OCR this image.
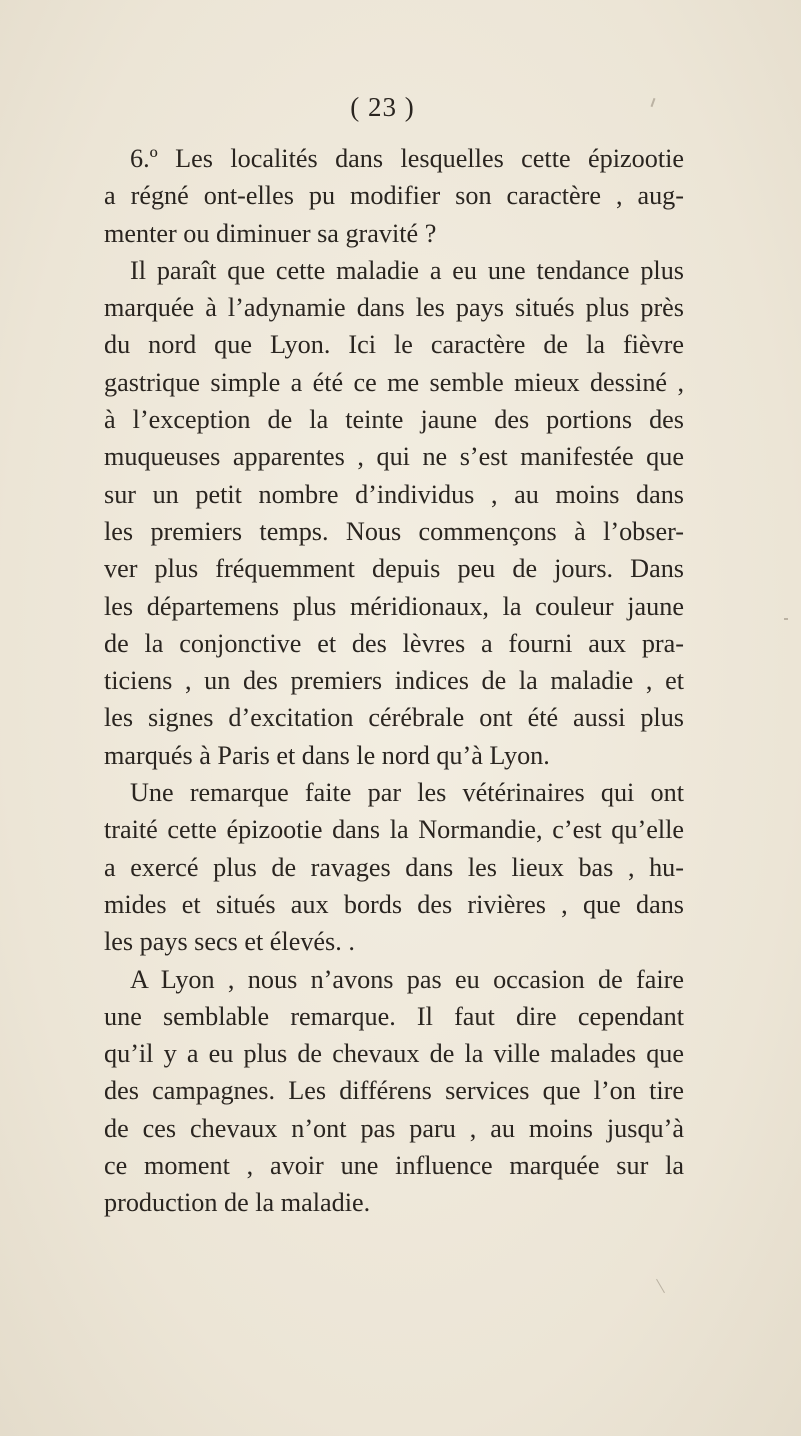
( 23 )
6.º Les localités dans lesquelles cette épizootie
a régné ont-elles pu modifier son caractère , aug-
menter ou diminuer sa gravité ?
Il paraît que cette maladie a eu une tendance plus
marquée à l’adynamie dans les pays situés plus près
du nord que Lyon. Ici le caractère de la fièvre
gastrique simple a été ce me semble mieux dessiné ,
à l’exception de la teinte jaune des portions des
muqueuses apparentes , qui ne s’est manifestée que
sur un petit nombre d’individus , au moins dans
les premiers temps. Nous commençons à l’obser-
ver plus fréquemment depuis peu de jours. Dans
les départemens plus méridionaux, la couleur jaune
de la conjonctive et des lèvres a fourni aux pra-
ticiens , un des premiers indices de la maladie , et
les signes d’excitation cérébrale ont été aussi plus
marqués à Paris et dans le nord qu’à Lyon.
Une remarque faite par les vétérinaires qui ont
traité cette épizootie dans la Normandie, c’est qu’elle
a exercé plus de ravages dans les lieux bas , hu-
mides et situés aux bords des rivières , que dans
les pays secs et élevés. .
A Lyon , nous n’avons pas eu occasion de faire
une semblable remarque. Il faut dire cependant
qu’il y a eu plus de chevaux de la ville malades que
des campagnes. Les différens services que l’on tire
de ces chevaux n’ont pas paru , au moins jusqu’à
ce moment , avoir une influence marquée sur la
production de la maladie.
